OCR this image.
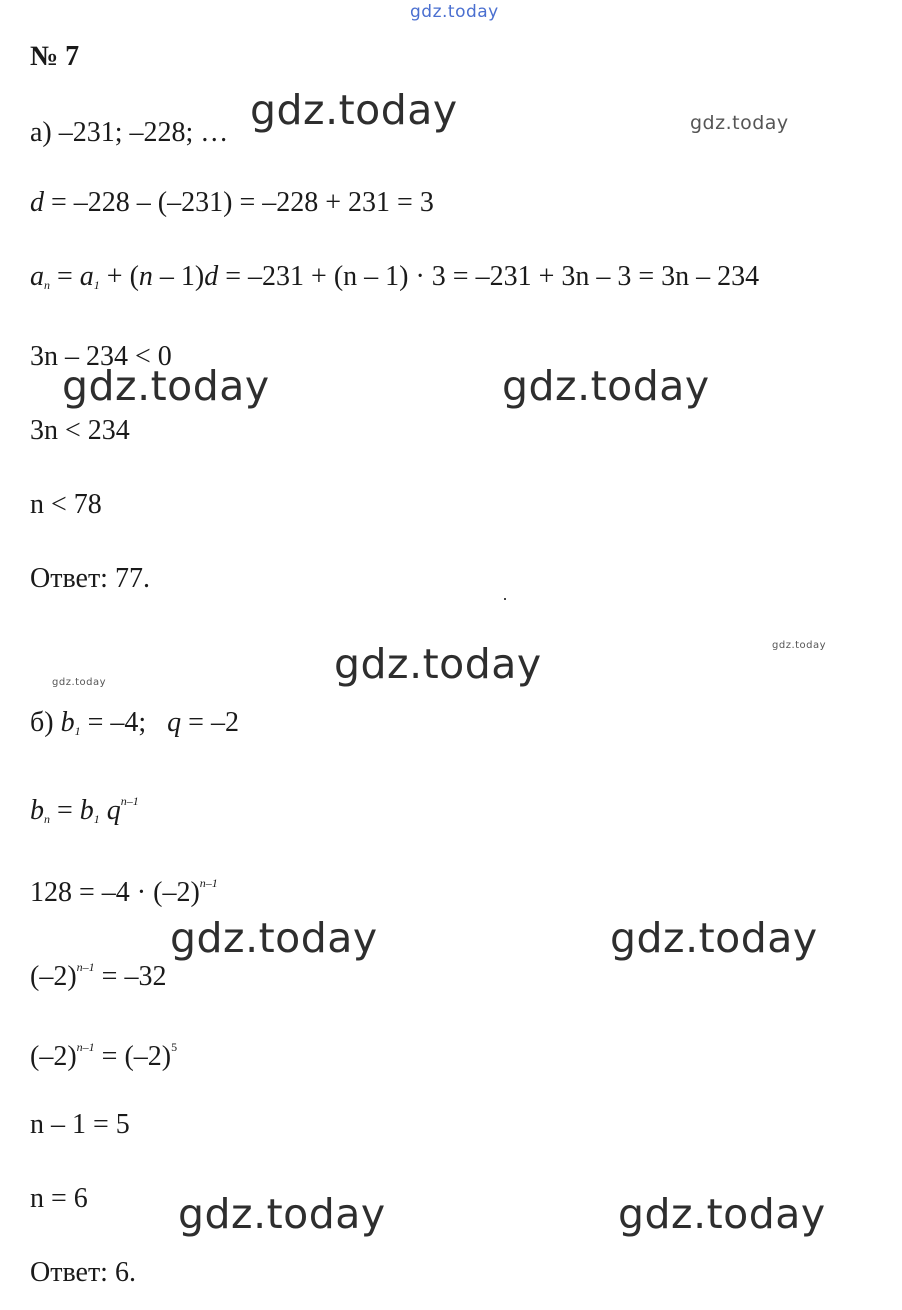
gdz.today
gdz.today	gdz.today
gdz.today	gdz.today
gdz.today	gdz.today
gdz.today
gdz.today	gdz.today
gdz.today	gdz.today
№ 7
а) –231; –228; …
d = –228 – (–231) = –228 + 231 = 3
$a_n = a_1 + (n - 1)d = -231 + (n - 1) \cdot 3 = -231 + 3n - 3 = 3n - 234$
3n – 234 < 0
3n < 234
n < 78
Ответ: 77.
б) $b_1 = -4$; q = –2
$b_n = b_1$ $q^{n-1}$
$128 = -4 \cdot (-2)^{n-1}$
$(-2)^{n-1} = -32$
$(-2)^{n-1} = (-2)^5$
n – 1 = 5
n = 6
Ответ: 6.
